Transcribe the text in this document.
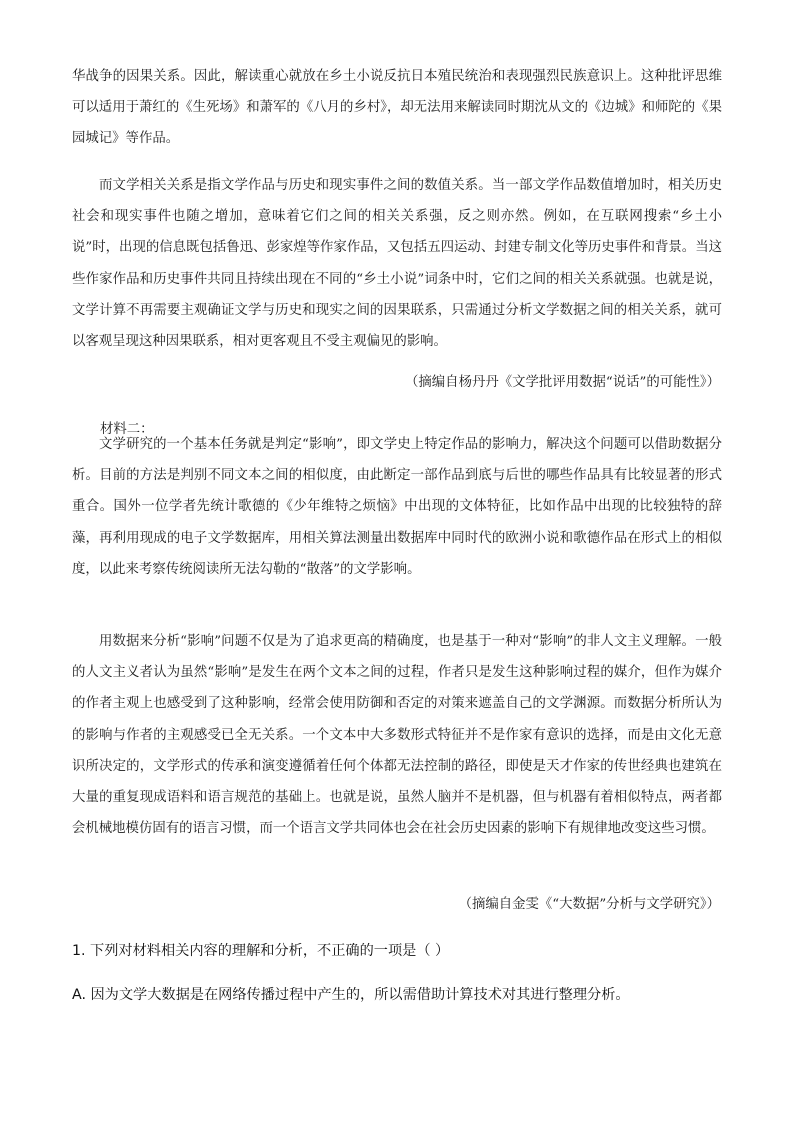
华战争的因果关系。因此，解读重心就放在乡土小说反抗日本殖民统治和表现强烈民族意识上。这种批评思维可以适用于萧红的《生死场》和萧军的《八月的乡村》，却无法用来解读同时期沈从文的《边城》和师陀的《果园城记》等作品。

而文学相关关系是指文学作品与历史和现实事件之间的数值关系。当一部文学作品数值增加时，相关历史社会和现实事件也随之增加，意味着它们之间的相关关系强，反之则亦然。例如，在互联网搜索“乡土小说”时，出现的信息既包括鲁迅、彭家煌等作家作品，又包括五四运动、封建专制文化等历史事件和背景。当这些作家作品和历史事件共同且持续出现在不同的“乡土小说”词条中时，它们之间的相关关系就强。也就是说，文学计算不再需要主观确证文学与历史和现实之间的因果联系，只需通过分析文学数据之间的相关关系，就可以客观呈现这种因果联系，相对更客观且不受主观偏见的影响。

（摘编自杨丹丹《文学批评用数据“说话”的可能性》）

材料二：

文学研究的一个基本任务就是判定“影响”，即文学史上特定作品的影响力，解决这个问题可以借助数据分析。目前的方法是判别不同文本之间的相似度，由此断定一部作品到底与后世的哪些作品具有比较显著的形式重合。国外一位学者先统计歌德的《少年维特之烦恼》中出现的文体特征，比如作品中出现的比较独特的辞藻，再利用现成的电子文学数据库，用相关算法测量出数据库中同时代的欧洲小说和歌德作品在形式上的相似度，以此来考察传统阅读所无法勾勒的“散落”的文学影响。

用数据来分析“影响”问题不仅是为了追求更高的精确度，也是基于一种对“影响”的非人文主义理解。一般的人文主义者认为虽然“影响”是发生在两个文本之间的过程，作者只是发生这种影响过程的媒介，但作为媒介的作者主观上也感受到了这种影响，经常会使用防御和否定的对策来遮盖自己的文学渊源。而数据分析所认为的影响与作者的主观感受已全无关系。一个文本中大多数形式特征并不是作家有意识的选择，而是由文化无意识所决定的，文学形式的传承和演变遵循着任何个体都无法控制的路径，即使是天才作家的传世经典也建筑在大量的重复现成语料和语言规范的基础上。也就是说，虽然人脑并不是机器，但与机器有着相似特点，两者都会机械地模仿固有的语言习惯，而一个语言文学共同体也会在社会历史因素的影响下有规律地改变这些习惯。

（摘编自金雯《“大数据”分析与文学研究》）

1. 下列对材料相关内容的理解和分析，不正确的一项是（ ）

A. 因为文学大数据是在网络传播过程中产生的，所以需借助计算技术对其进行整理分析。
